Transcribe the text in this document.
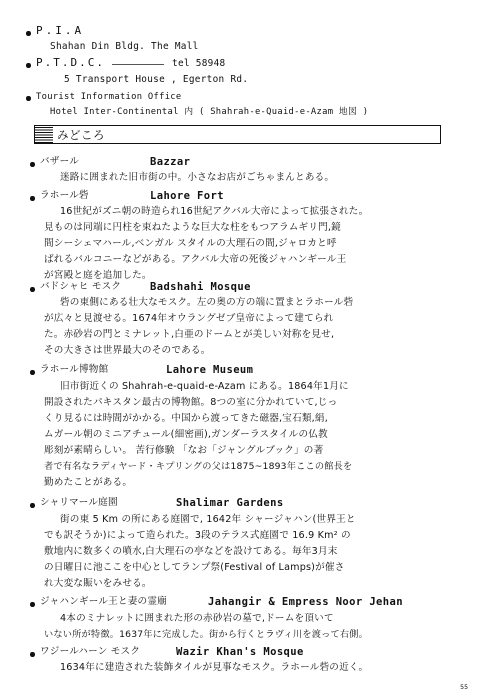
P.I.A
Shahan Din Bldg. The Mall
P.T.D.C.	tel 58948
5 Transport House , Egerton Rd.
Tourist Information Office
Hotel Inter-Continental 内 ( Shahrah-e-Quaid-e-Azam 地図 )
みどころ
バザール	Bazzar
迷路に囲まれた旧市街の中。小さなお店がごちゃまんとある。
ラホール砦	Lahore Fort
16世紀がズニ朝の時造られ16世紀アクバル大帝によって拡張された。
見ものは同端に円柱を束ねたような巨大な柱をもつアラムギリ門,鏡
間シーシェマハール,ベンガル スタイルの大理石の間,ジャロカと呼
ばれるバルコニーなどがある。アクバル大帝の死後ジャハンギール王
が宮殿と庭を追加した。
バドシャヒ モスク	Badshahi Mosque
砦の東側にある壮大なモスク。左の奥の方の端に置まとラホール砦
が広々と見渡せる。1674年オウラングゼブ皇帝によって建てられ
た。赤砂岩の門とミナレット,白亜のドームとが美しい対称を見せ,
その大きさは世界最大のそのである。
ラホール博物館	Lahore Museum
旧市街近くの Shahrah-e-quaid-e-Azam にある。1864年1月に
開設されたパキスタン最古の博物館。8つの室に分かれていて,じっ
くり見るには時間がかかる。中国から渡ってきた磁器,宝石類,絹,
ムガール朝のミニアチュール(細密画),ガンダーラスタイルの仏教
彫刻が素晴らしい。 苦行修験 「なお「ジャングルブック」の著
者で有名なラディヤード・キプリングの父は1875~1893年ここの館長を
勤めたことがある。
シャリマール庭園	Shalimar Gardens
街の東 5 Km の所にある庭園で, 1642年 シャージャハン(世界王と
でも訳そうか)によって造られた。3段のテラス式庭園で 16.9 Km² の
敷地内に数多くの噴水,白大理石の亭などを設けてある。毎年3月末
の日曜日に池ここを中心としてランプ祭(Festival of Lamps)が催さ
れ大変な賑いをみせる。
ジャハンギール王と妻の霊廟	Jahangir & Empress Noor Jehan
4本のミナレットに囲まれた形の赤砂岩の墓で,ドームを頂いて
いない所が特徴。1637年に完成した。街から行くとラヴィ川を渡って右側。
ワジールハーン モスク	Wazir Khan's Mosque
1634年に建造された装飾タイルが見事なモスク。ラホール砦の近く。
55
